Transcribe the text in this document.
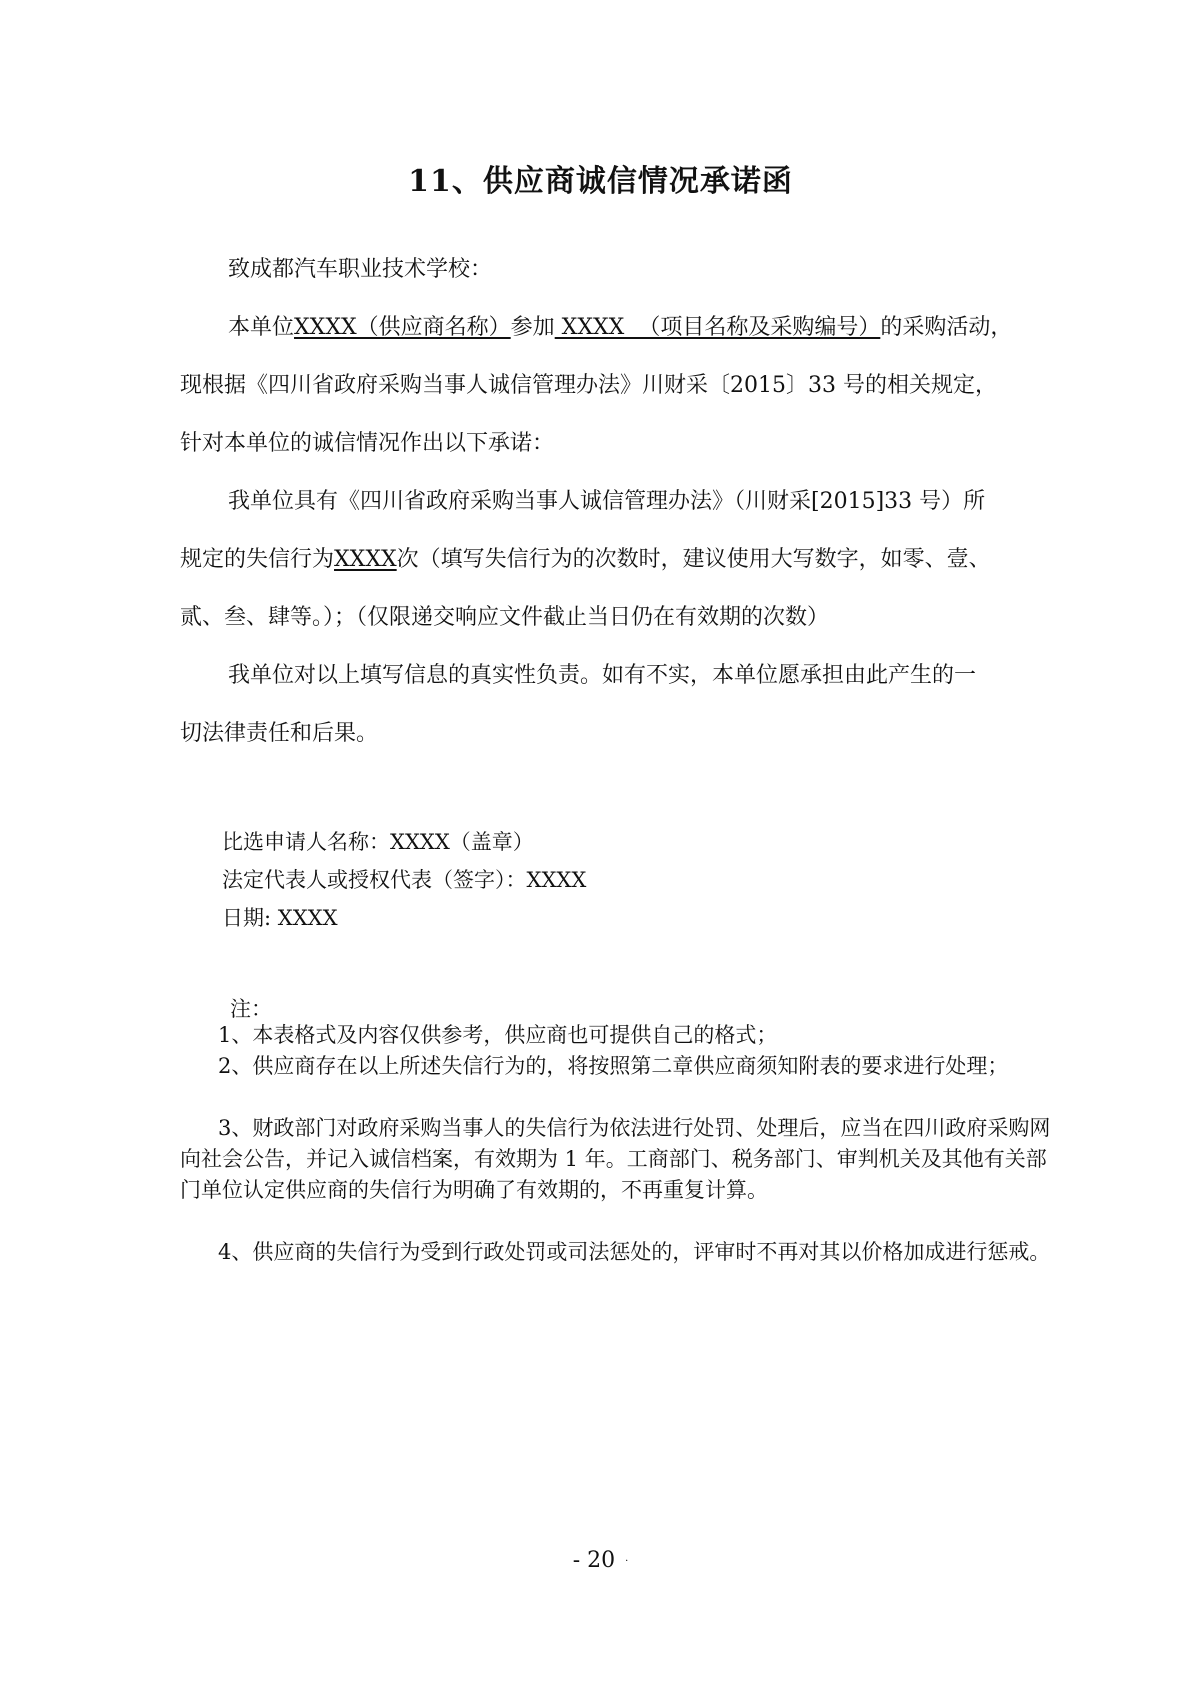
11、供应商诚信情况承诺函
致成都汽车职业技术学校：
本单位XXXX（供应商名称）参加 XXXX  （项目名称及采购编号）的采购活动，
现根据《四川省政府采购当事人诚信管理办法》川财采〔2015〕33 号的相关规定，
针对本单位的诚信情况作出以下承诺：
我单位具有《四川省政府采购当事人诚信管理办法》（川财采[2015]33 号）所
规定的失信行为XXXX次（填写失信行为的次数时，建议使用大写数字，如零、壹、
贰、叁、肆等。）；（仅限递交响应文件截止当日仍在有效期的次数）
我单位对以上填写信息的真实性负责。如有不实，本单位愿承担由此产生的一
切法律责任和后果。
比选申请人名称：XXXX（盖章）
法定代表人或授权代表（签字）：XXXX
日期: XXXX
注：
1、本表格式及内容仅供参考，供应商也可提供自己的格式；
2、供应商存在以上所述失信行为的，将按照第二章供应商须知附表的要求进行处理；
3、财政部门对政府采购当事人的失信行为依法进行处罚、处理后，应当在四川政府采购网向社会公告，并记入诚信档案，有效期为 1 年。工商部门、税务部门、审判机关及其他有关部门单位认定供应商的失信行为明确了有效期的，不再重复计算。
4、供应商的失信行为受到行政处罚或司法惩处的，评审时不再对其以价格加成进行惩戒。
- 20 ·
